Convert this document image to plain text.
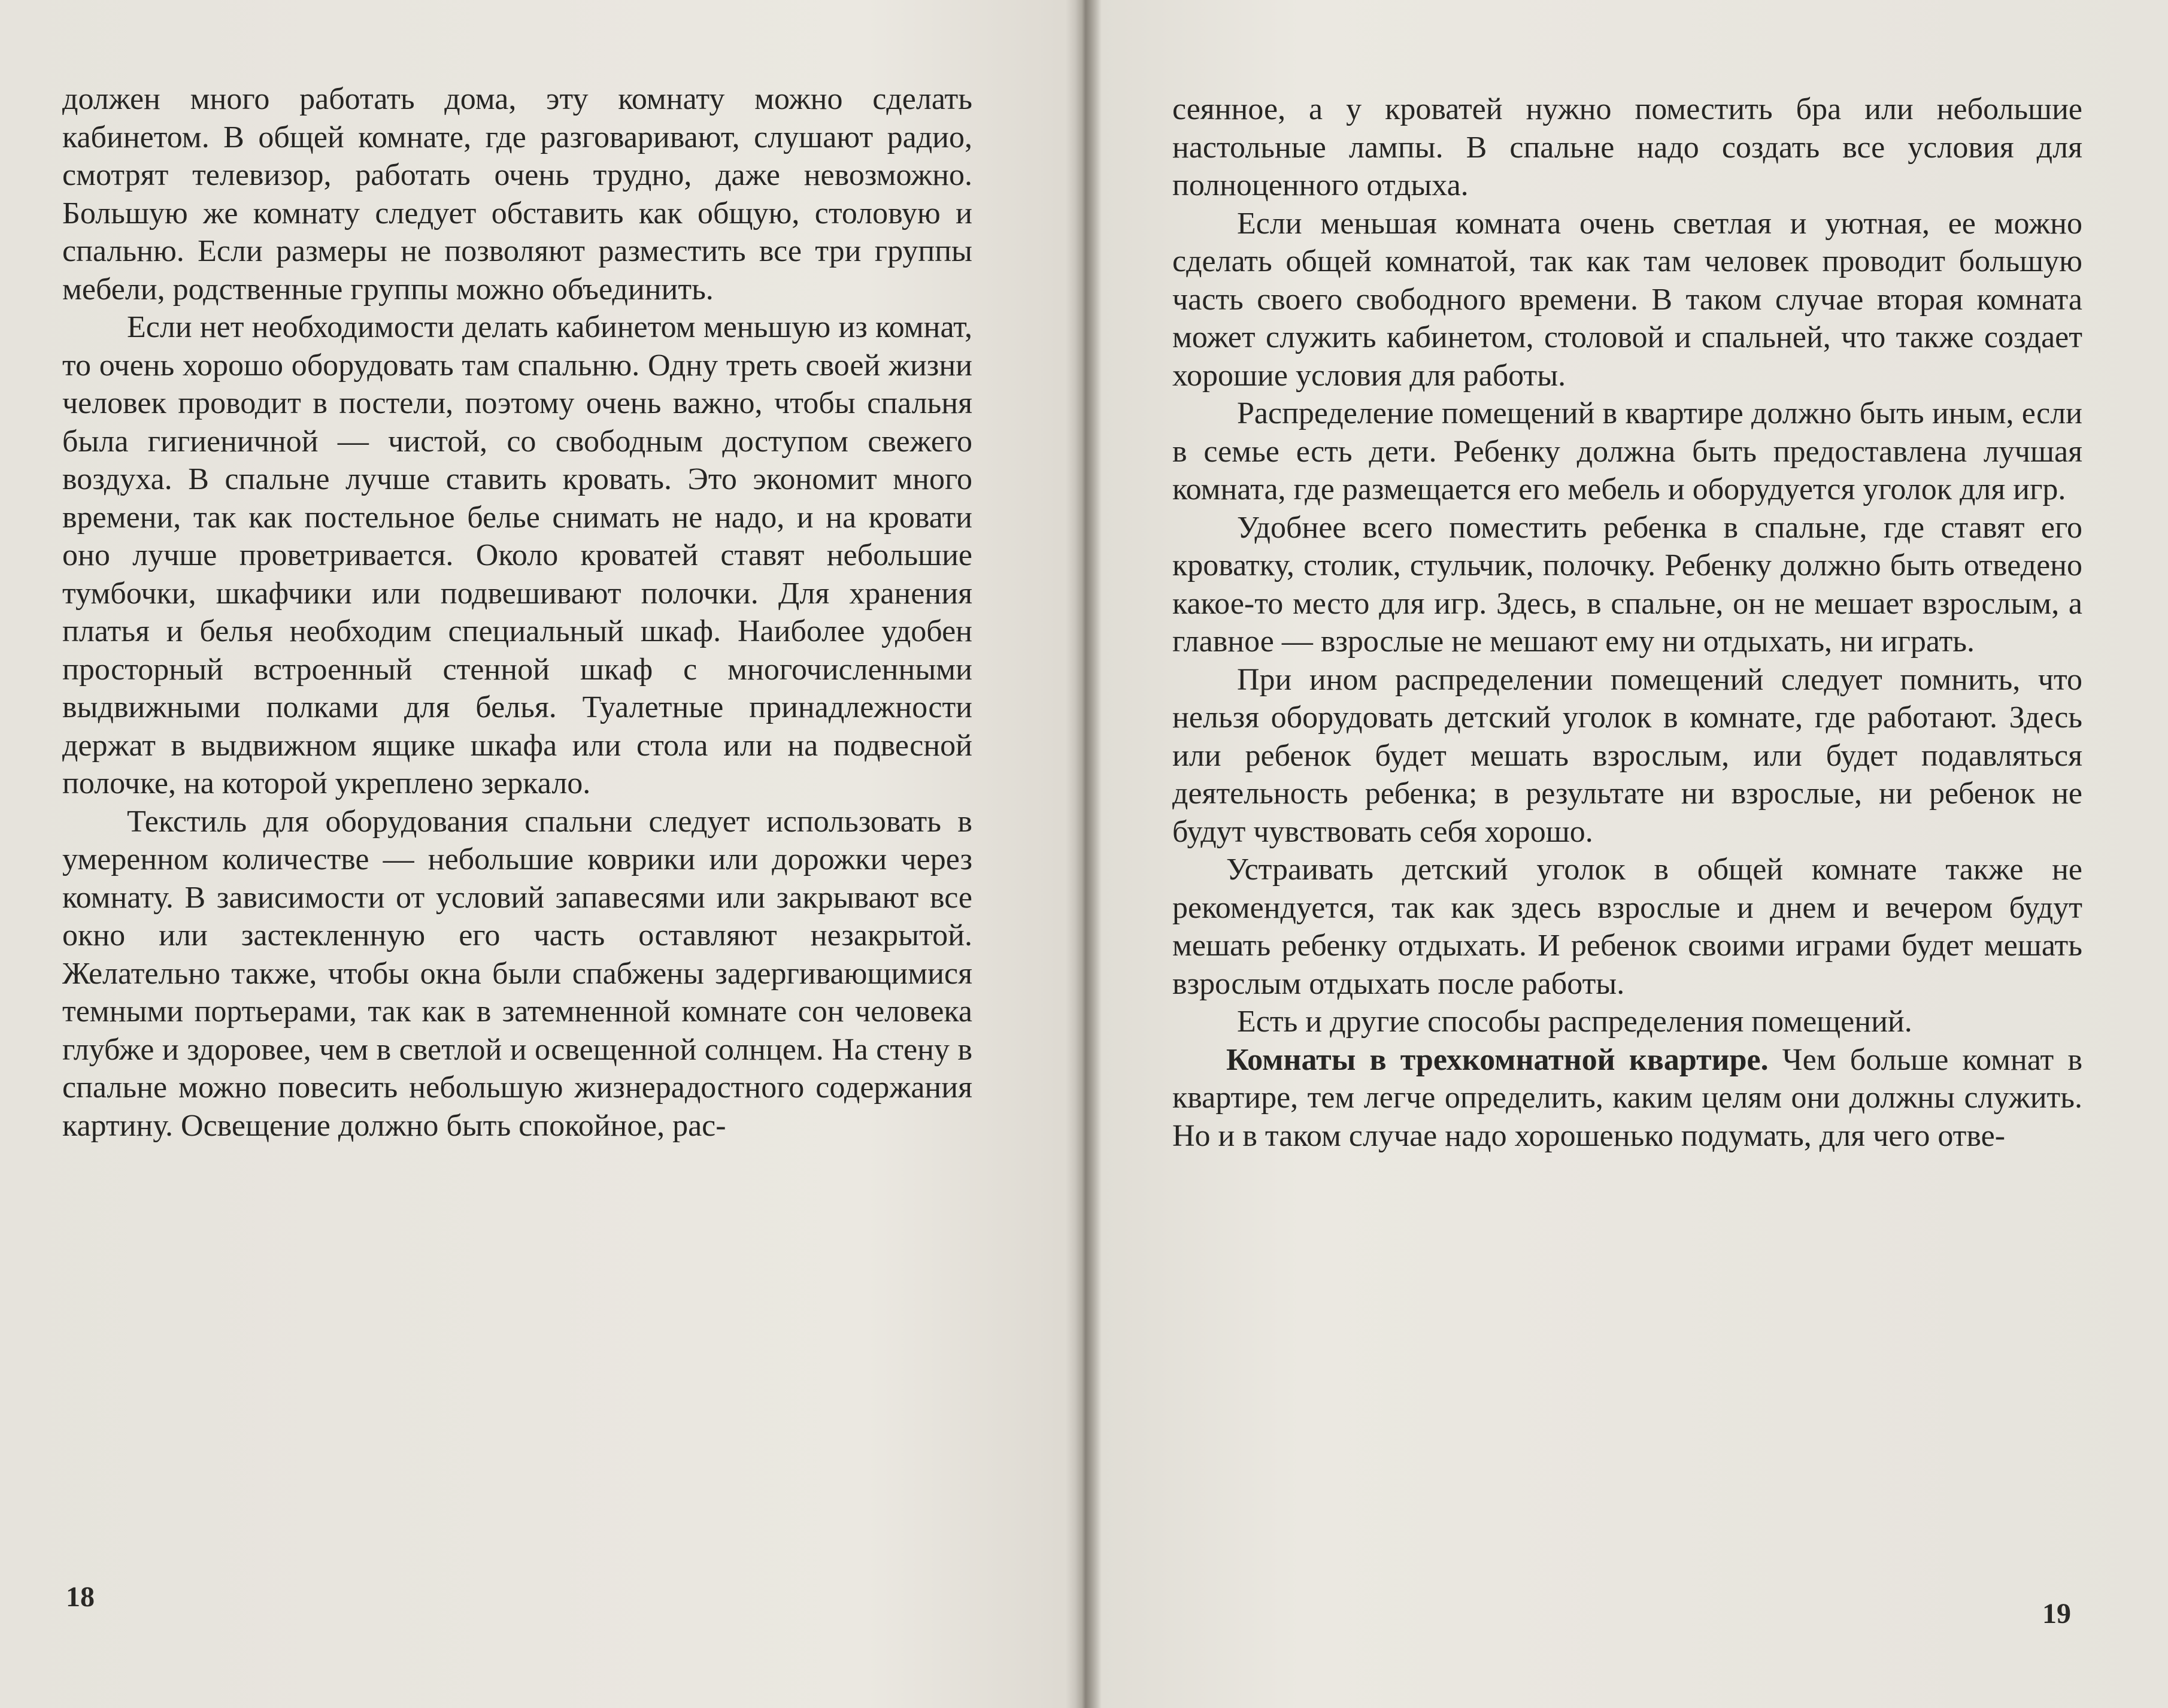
должен много работать дома, эту комнату можно сделать кабинетом. В общей комнате, где разговаривают, слушают радио, смотрят телевизор, работать очень трудно, даже невозможно. Большую же комнату следует обставить как общую, столовую и спальню. Если размеры не позволяют разместить все три группы мебели, родственные группы можно объединить.

Если нет необходимости делать кабинетом меньшую из комнат, то очень хорошо оборудовать там спальню. Одну треть своей жизни человек проводит в постели, поэтому очень важно, чтобы спальня была гигиеничной — чистой, со свободным доступом свежего воздуха. В спальне лучше ставить кровать. Это экономит много времени, так как постельное белье снимать не надо, и на кровати оно лучше проветривается. Около кроватей ставят небольшие тумбочки, шкафчики или подвешивают полочки. Для хранения платья и белья необходим специальный шкаф. Наиболее удобен просторный встроенный стенной шкаф с многочисленными выдвижными полками для белья. Туалетные принадлежности держат в выдвижном ящике шкафа или стола или на подвесной полочке, на которой укреплено зеркало.

Текстиль для оборудования спальни следует использовать в умеренном количестве — небольшие коврики или дорожки через комнату. В зависимости от условий запавесями или закрывают все окно или застекленную его часть оставляют незакрытой. Желательно также, чтобы окна были спабжены задергивающимися темными портьерами, так как в затемненной комнате сон человека глубже и здоровее, чем в светлой и освещенной солнцем. На стену в спальне можно повесить небольшую жизнерадостного содержания картину. Освещение должно быть спокойное, рас-

18

сеянное, а у кроватей нужно поместить бра или небольшие настольные лампы. В спальне надо создать все условия для полноценного отдыха.

Если меньшая комната очень светлая и уютная, ее можно сделать общей комнатой, так как там человек проводит большую часть своего свободного времени. В таком случае вторая комната может служить кабинетом, столовой и спальней, что также создает хорошие условия для работы.

Распределение помещений в квартире должно быть иным, если в семье есть дети. Ребенку должна быть предоставлена лучшая комната, где размещается его мебель и оборудуется уголок для игр.

Удобнее всего поместить ребенка в спальне, где ставят его кроватку, столик, стульчик, полочку. Ребенку должно быть отведено какое-то место для игр. Здесь, в спальне, он не мешает взрослым, а главное — взрослые не мешают ему ни отдыхать, ни играть.

При ином распределении помещений следует помнить, что нельзя оборудовать детский уголок в комнате, где работают. Здесь или ребенок будет мешать взрослым, или будет подавляться деятельность ребенка; в результате ни взрослые, ни ребенок не будут чувствовать себя хорошо.

Устраивать детский уголок в общей комнате также не рекомендуется, так как здесь взрослые и днем и вечером будут мешать ребенку отдыхать. И ребенок своими играми будет мешать взрослым отдыхать после работы.

Есть и другие способы распределения помещений.

Комнаты в трехкомнатной квартире. Чем больше комнат в квартире, тем легче определить, каким целям они должны служить. Но и в таком случае надо хорошенько подумать, для чего отве-

19
